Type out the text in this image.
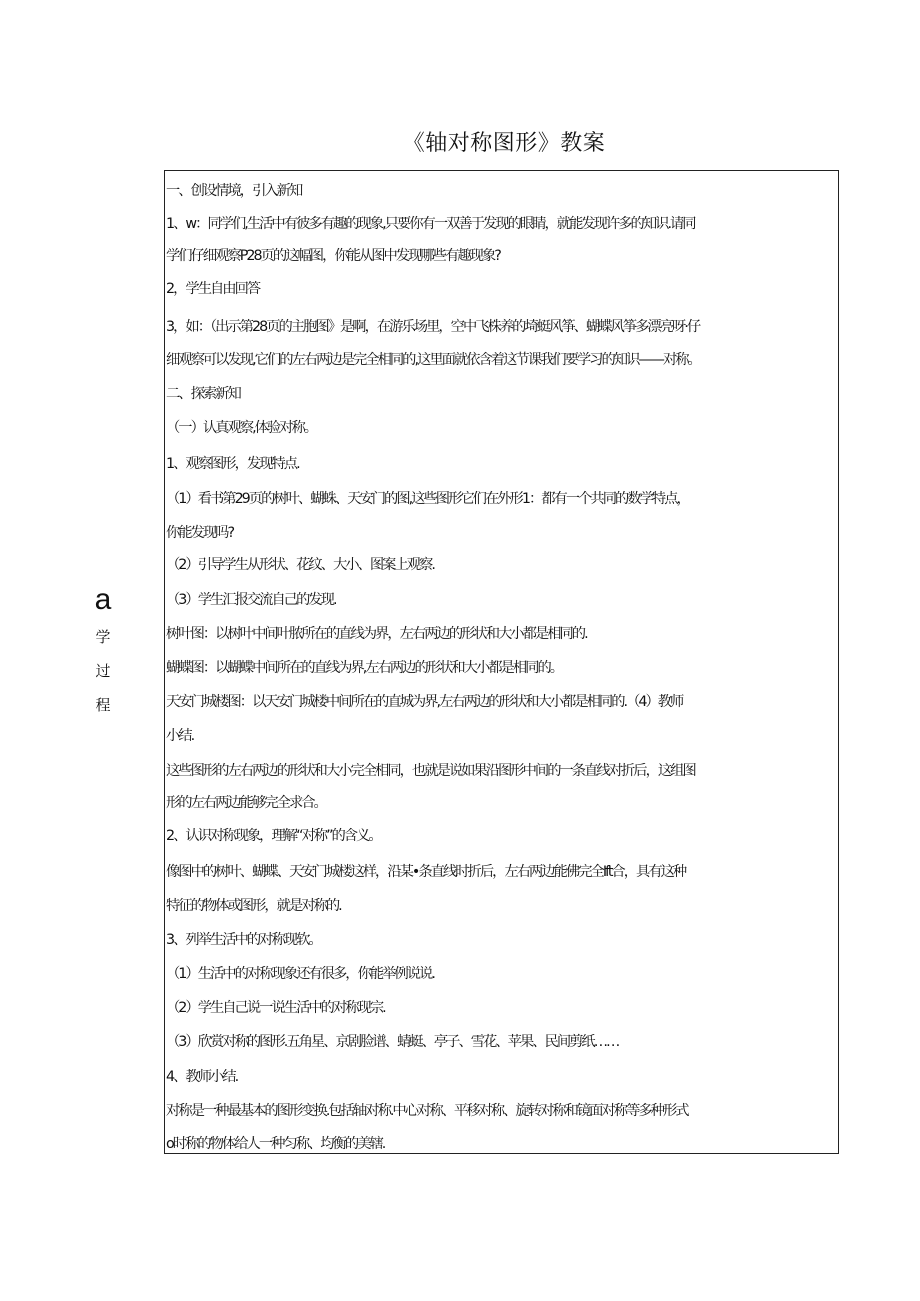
《轴对称图形》教案
a
学
过
程
一、创设情境，引入新知
1、w：同学们,生活中有彼多有趣的现象,只要你有一双善于发现的眼睛，就能发现许多的知识.请同
学们仔细观察P28页的这幅图，你能从图中发现哪些有趣现象?
2，学生自由回答
3，如：（出示第28页的主胞图》是啊，在游乐场里，空中飞株养的埼蜓风筝、蝴蝶风筝多漂亮呀·仔
细观察可以发现,它们的左右两边是完全相同的,这里面就依含着这节课我们要学习的知识——对称。
二、探索新知
（一）认真观察,体验对称。
1、观察图形，发现特点.
（1）看书第29页的树叶、蝴蛛、天安门的图,这些图形它们在外形1：都有一个共同的数学特点，
你能发现吗?
（2）引导学生从形状、花纹、大小、图案上观察.
（3）学生汇报交流自己的发现.
树叶图：以树叶中间叶脓所在的直线为界，左右两边的形状和大小都是相同的.
蝴蝶图：以蝴蝶中间所在的直线为界,左右两边的形状和大小都是相同的。
天安门城楼图：以天安门城楼中间所在的直城为界,左右两边的形状和大小都是相同的.（4）教师
小结.
这些图形的左右两边的形状和大小完全相同，也就是说如果沿图形中间的一条直线对折后，这组图
形的左右两边能够完全求合。
2、认识对称现象，理解“对称”的含义。
像图中的树叶、蝴蝶、天安门城楼这样，沿某•条直线时折后，左右两边能佛完全Ift合，具有这种
特征的物体或图形，就是对称的.
3、列举生活中的对称现软。
（1）生活中的对称现象还有很多，你能举例说说.
（2）学生自己说一说生活中的对称现宗.
（3）欣赏对称的图形.五角星、京剧脸谱、蜻蜓、亭子、雪花、苹果、民间剪纸……
4、教师小结.
对称是一种最基本的图形变换.包括轴对称.中心对称、平移对称、旋转对称和镜面对称等多种形式
o时称的物体给人一种匀称、均衡的美辖.
